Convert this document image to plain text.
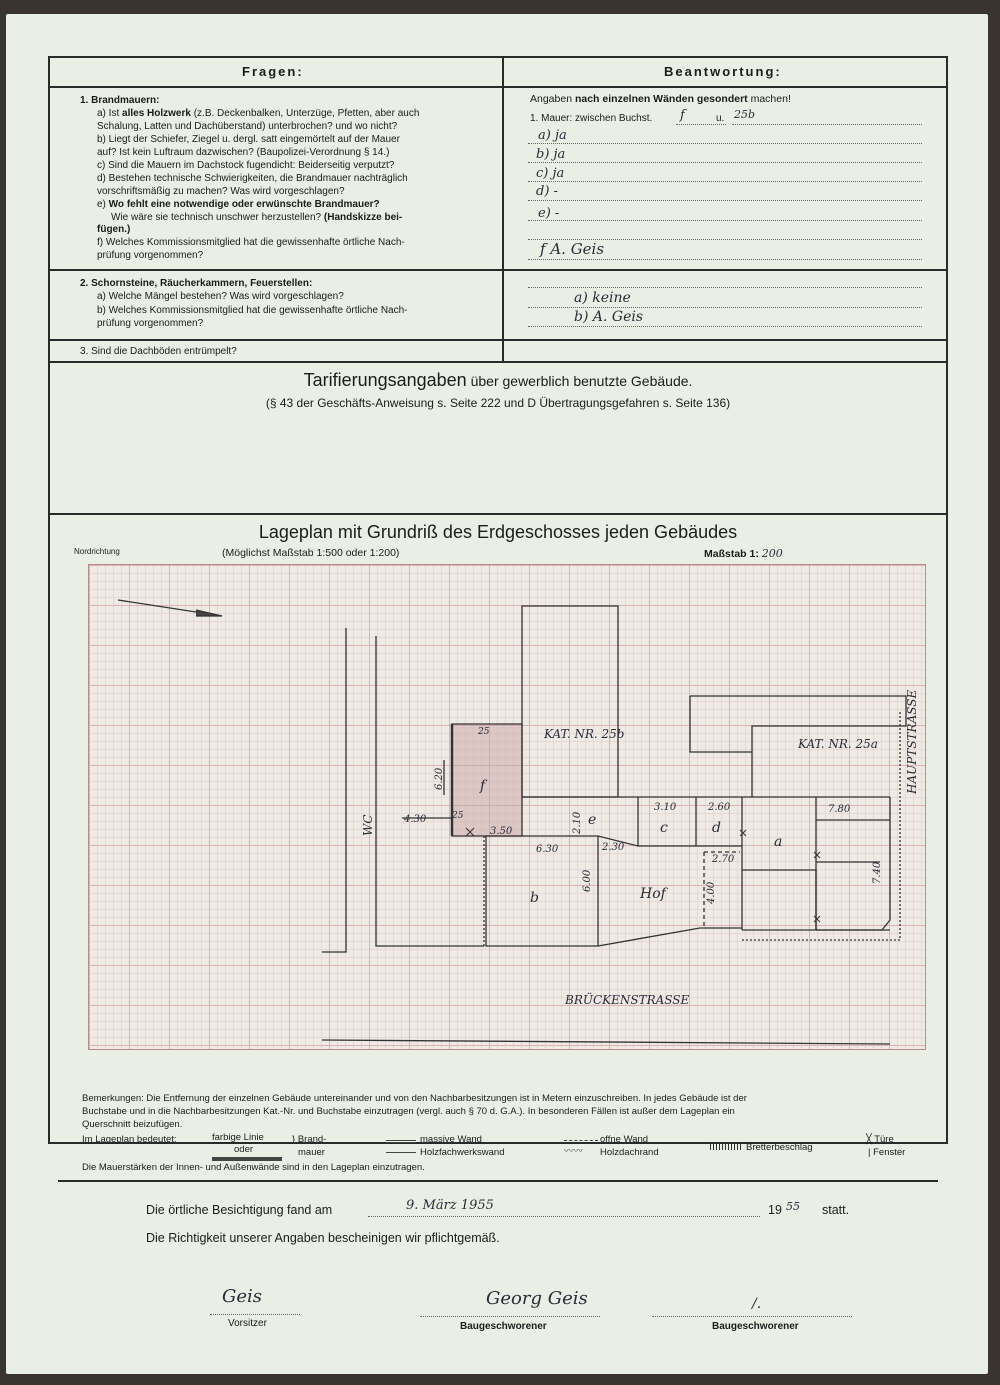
Fragen:	Beantwortung:
1. Brandmauern:
a) Ist alles Holzwerk (z.B. Deckenbalken, Unterzüge, Pfetten, aber auch
Schalung, Latten und Dachüberstand) unterbrochen? und wo nicht?
b) Liegt der Schiefer, Ziegel u. dergl. satt eingemörtelt auf der Mauer
auf? Ist kein Luftraum dazwischen? (Baupolizei-Verordnung § 14.)
c) Sind die Mauern im Dachstock fugendicht: Beiderseitig verputzt?
d) Bestehen technische Schwierigkeiten, die Brandmauer nachträglich
vorschriftsmäßig zu machen? Was wird vorgeschlagen?
e) Wo fehlt eine notwendige oder erwünschte Brandmauer?
Wie wäre sie technisch unschwer herzustellen? (Handskizze bei-
fügen.)
f) Welches Kommissionsmitglied hat die gewissenhafte örtliche Nach-
prüfung vorgenommen?
Angaben nach einzelnen Wänden gesondert machen!
1. Mauer: zwischen Buchst. f	u. 25b
a) ja
b) ja
c) ja
d) -
e) -
f A. Geis
2. Schornsteine, Räucherkammern, Feuerstellen:
a) Welche Mängel bestehen? Was wird vorgeschlagen?
b) Welches Kommissionsmitglied hat die gewissenhafte örtliche Nach-
prüfung vorgenommen?
a) keine
b) A. Geis
3. Sind die Dachböden entrümpelt?
Tarifierungsangaben über gewerblich benutzte Gebäude.
(§ 43 der Geschäfts-Anweisung s. Seite 222 und D Übertragungsgefahren s. Seite 136)
Lageplan mit Grundriß des Erdgeschosses jeden Gebäudes
Nordrichtung	(Möglichst Maßstab 1:500 oder 1:200)	Maßstab 1: 200
KAT. NR. 25b
KAT. NR. 25a
BRÜCKENSTRASSE
HAUPTSTRASSE
WC
f
e	c	d
a
b	Hof
6.20
25
4.30	25
3.50	2.10
3.10	2.60	7.80
6.30	2.30
2.70
6.00
4.00
7.40
Bemerkungen: Die Entfernung der einzelnen Gebäude untereinander und von den Nachbarbesitzungen ist in Metern einzuschreiben. In jedes Gebäude ist der
Buchstabe und in die Nachbarbesitzungen Kat.-Nr. und Buchstabe einzutragen (vergl. auch § 70 d. G.A.). In besonderen Fällen ist außer dem Lageplan ein
Querschnitt beizufügen.
Im Lageplan bedeutet:	farbige Linie
oder
} Brand-
mauer
massive Wand
Holzfachwerkswand
offne Wand
〰〰 Holzdachrand	Bretterbeschlag
╳ Türe
| Fenster
Die Mauerstärken der Innen- und Außenwände sind in den Lageplan einzutragen.
Die örtliche Besichtigung fand am	9. März 1955	19 55 statt.
Die Richtigkeit unserer Angaben bescheinigen wir pflichtgemäß.
Geis
Vorsitzer
Georg Geis
Baugeschworener
/.
Baugeschworener
